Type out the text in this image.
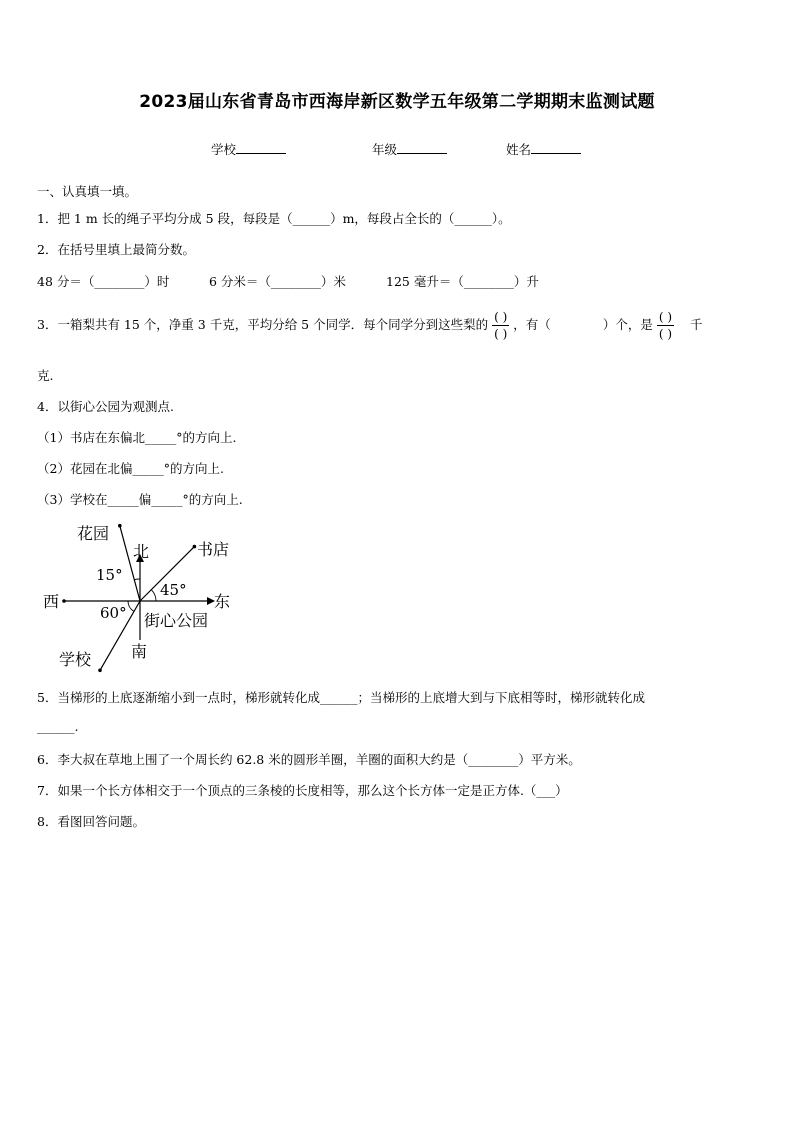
2023届山东省青岛市西海岸新区数学五年级第二学期期末监测试题
学校	年级	姓名
一、认真填一填。
1．把 1 m 长的绳子平均分成 5 段，每段是（______）m，每段占全长的（______）。
2．在括号里填上最简分数。
48 分＝（________）时	6 分米＝（________）米	125 毫升＝（________）升
3．一箱梨共有 15 个，净重 3 千克，平均分给 5 个同学．每个同学分到这些梨的 $\frac{( )}{( )}$ ，有（	）个，是 $\frac{( )}{( )}$ 千
克.
4．以街心公园为观测点.
（1）书店在东偏北_____°的方向上.
（2）花园在北偏_____°的方向上.
（3）学校在_____偏_____°的方向上.
花园
北	书店
15°
45°
西	东
60° 街心公园
学校 南
5．当梯形的上底逐渐缩小到一点时，梯形就转化成______；当梯形的上底增大到与下底相等时，梯形就转化成
______.
6．李大叔在草地上围了一个周长约 62.8 米的圆形羊圈，羊圈的面积大约是（________）平方米。
7．如果一个长方体相交于一个顶点的三条棱的长度相等，那么这个长方体一定是正方体.（___）
8．看图回答问题。
